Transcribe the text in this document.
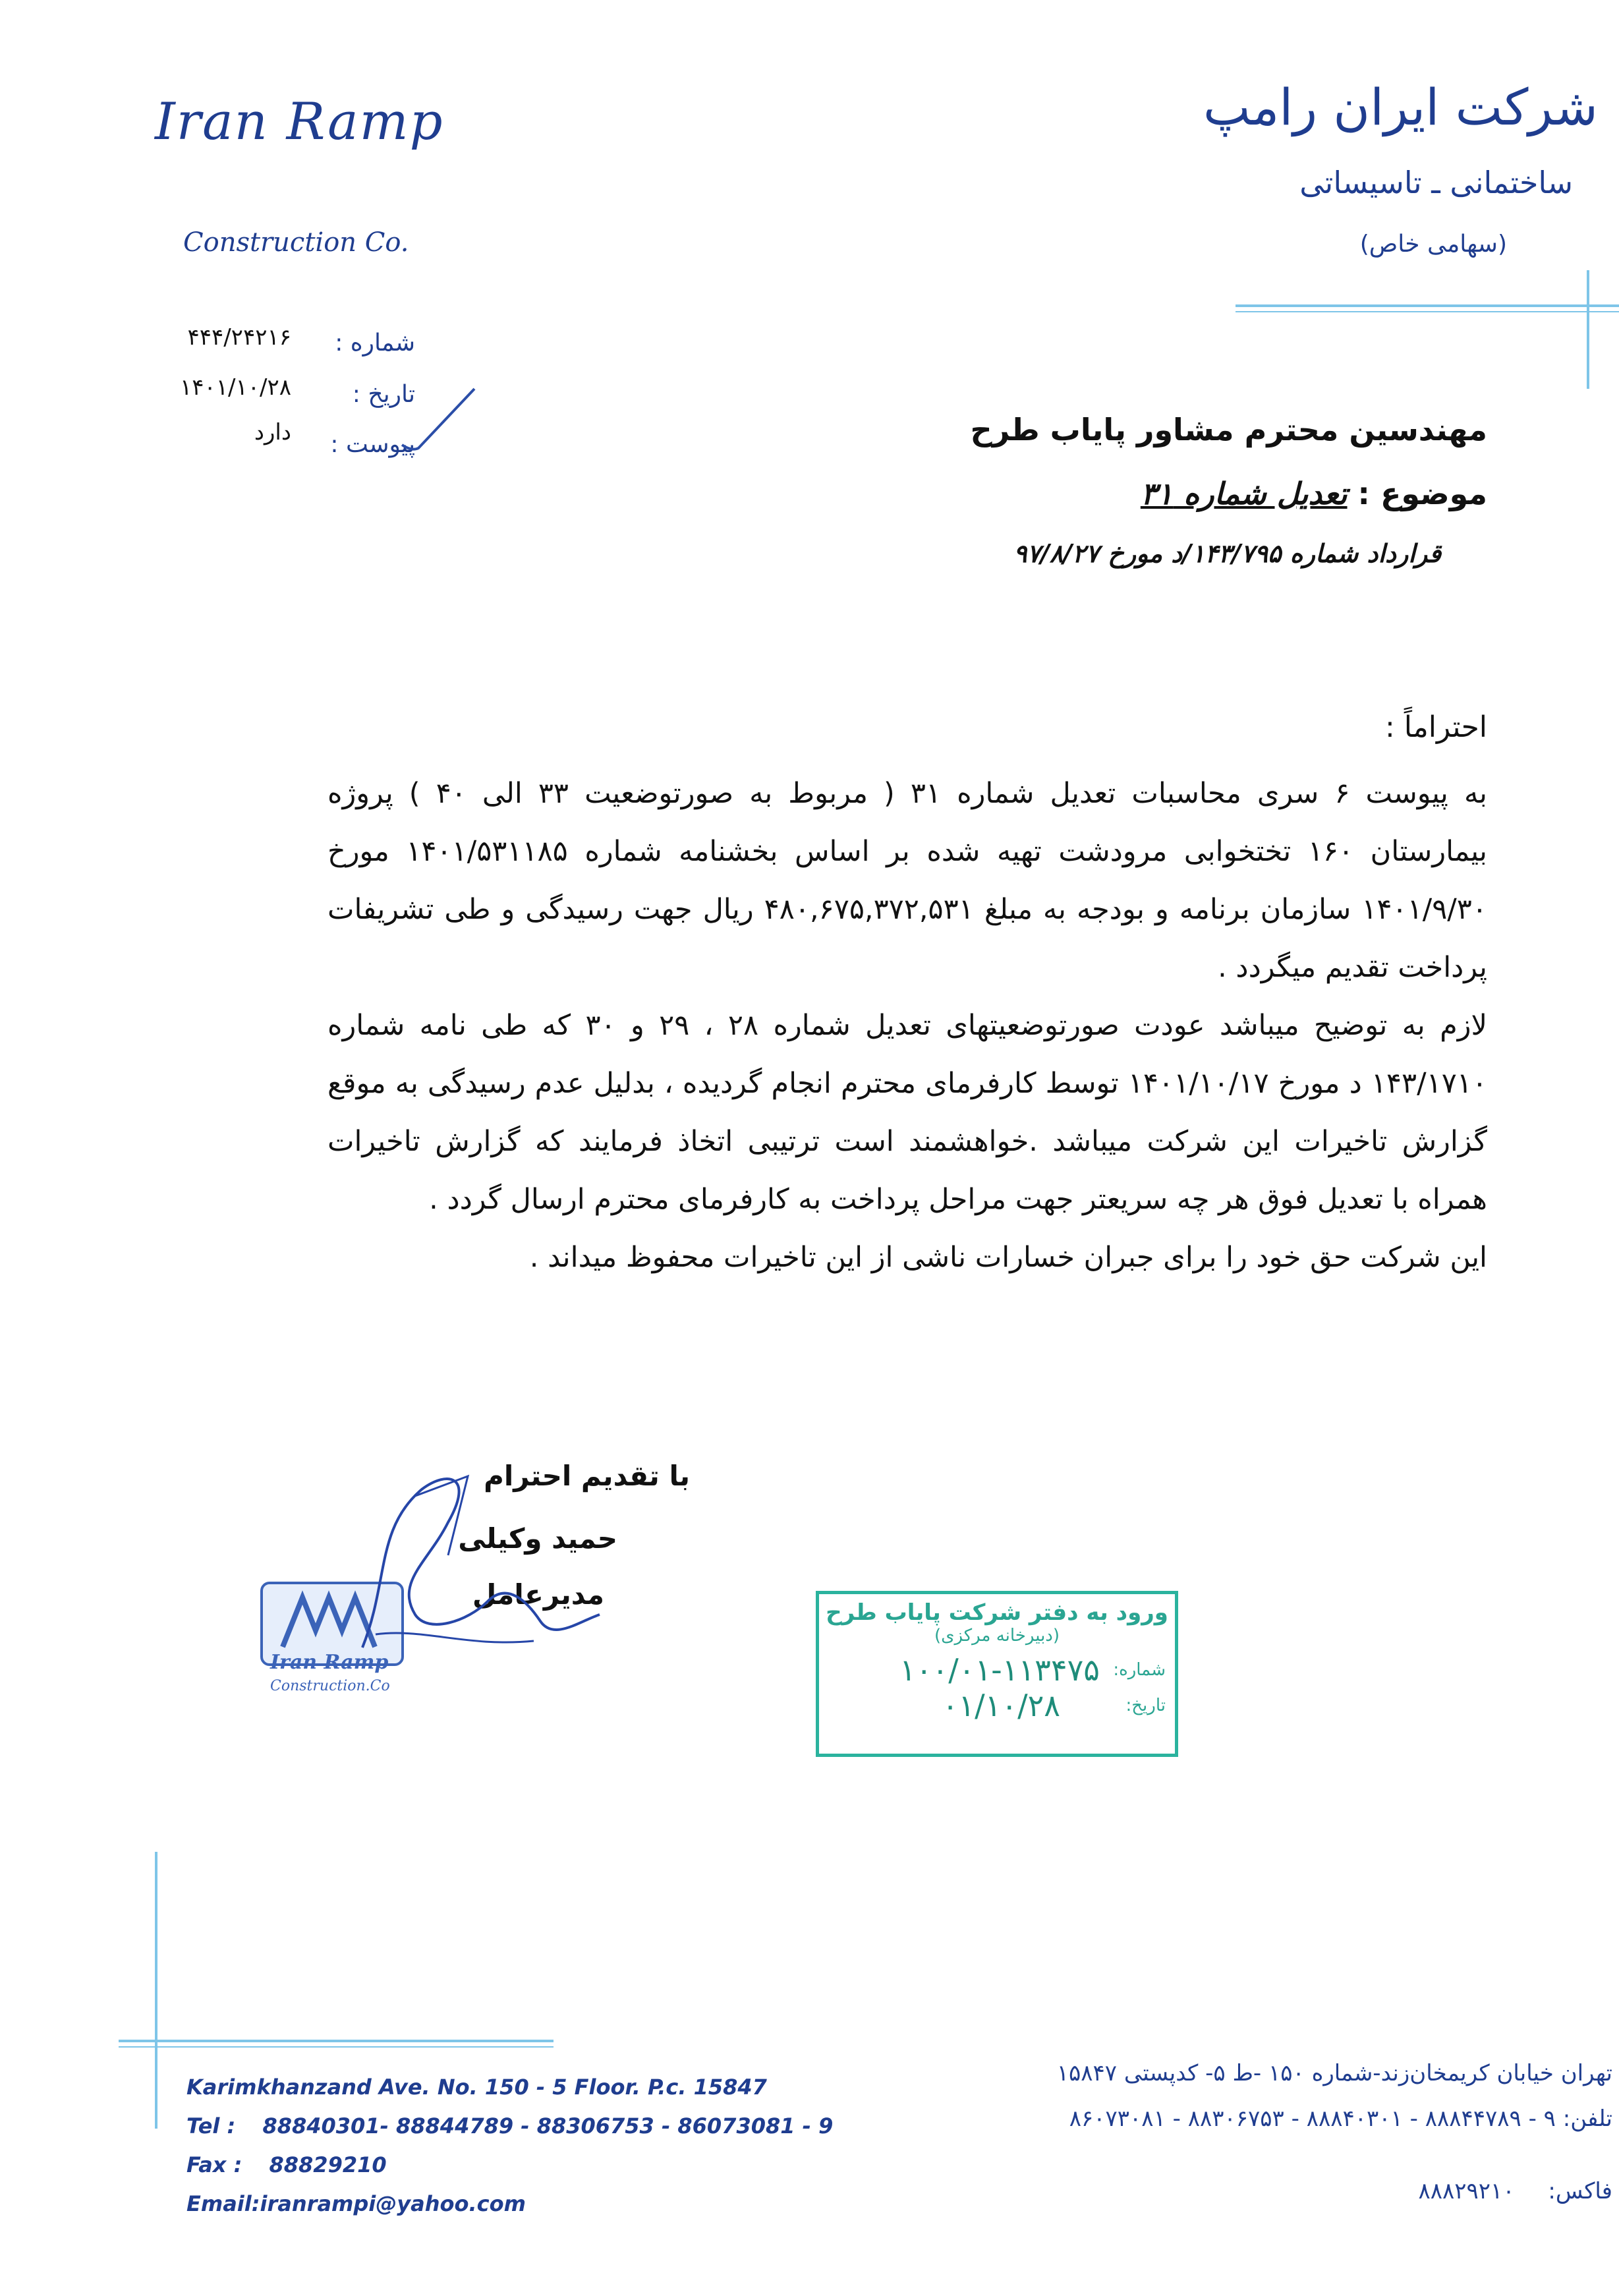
Iran Ramp
Construction Co.
شرکت ایران رامپ
ساختمانی ـ تاسیساتی
(سهامی خاص)
شماره :
۴۴۴/۲۴۲۱۶
تاریخ :
۱۴۰۱/۱۰/۲۸
پیوست :
دارد	مهندسین محترم مشاور پایاب طرح
موضوع : تعدیل شماره ۳۱
قرارداد شماره ۱۴۳/۷۹۵/د مورخ ۹۷/۸/۲۷
احتراماً :

به پیوست ۶ سری محاسبات تعدیل شماره ۳۱ ( مربوط به صورتوضعیت ۳۳ الی ۴۰ ) پروژه بیمارستان ۱۶۰ تختخوابی مرودشت تهیه شده بر اساس بخشنامه شماره ۱۴۰۱/۵۳۱۱۸۵ مورخ ۱۴۰۱/۹/۳۰ سازمان برنامه و بودجه به مبلغ ۴۸۰,۶۷۵,۳۷۲,۵۳۱ ریال جهت رسیدگی و طی تشریفات پرداخت تقدیم میگردد .

لازم به توضیح میباشد عودت صورتوضعیتهای تعدیل شماره ۲۸ ، ۲۹ و ۳۰ که طی نامه شماره ۱۴۳/۱۷۱۰ د مورخ ۱۴۰۱/۱۰/۱۷ توسط کارفرمای محترم انجام گردیده ، بدلیل عدم رسیدگی به موقع گزارش تاخیرات این شرکت میباشد .خواهشمند است ترتیبی اتخاذ فرمایند که گزارش تاخیرات همراه با تعدیل فوق هر چه سریعتر جهت مراحل پرداخت به کارفرمای محترم ارسال گردد .

این شرکت حق خود را برای جبران خسارات ناشی از این تاخیرات محفوظ میداند .

با تقدیم احترام
حمید وکیلی
مدیرعامل
Iran Ramp
Construction.Co
ورود به دفتر شرکت پایاب طرح
(دبیرخانه مرکزی)
شماره:
۱۰۰/۰۱-۱۱۳۴۷۵
تاریخ:
۰۱/۱۰/۲۸
Karimkhanzand Ave. No. 150 - 5 Floor. P.c. 15847
Tel : 88840301- 88844789 - 88306753 - 86073081 - 9
Fax : 88829210
Email:iranrampi@yahoo.com
تهران خیابان کریمخان‌زند-شماره ۱۵۰ -ط ۵- کدپستی ۱۵۸۴۷
تلفن: ۹ - ۸۸۸۴۴۷۸۹ - ۸۸۸۴۰۳۰۱ - ۸۸۳۰۶۷۵۳ - ۸۶۰۷۳۰۸۱
فاکس: ۸۸۸۲۹۲۱۰
